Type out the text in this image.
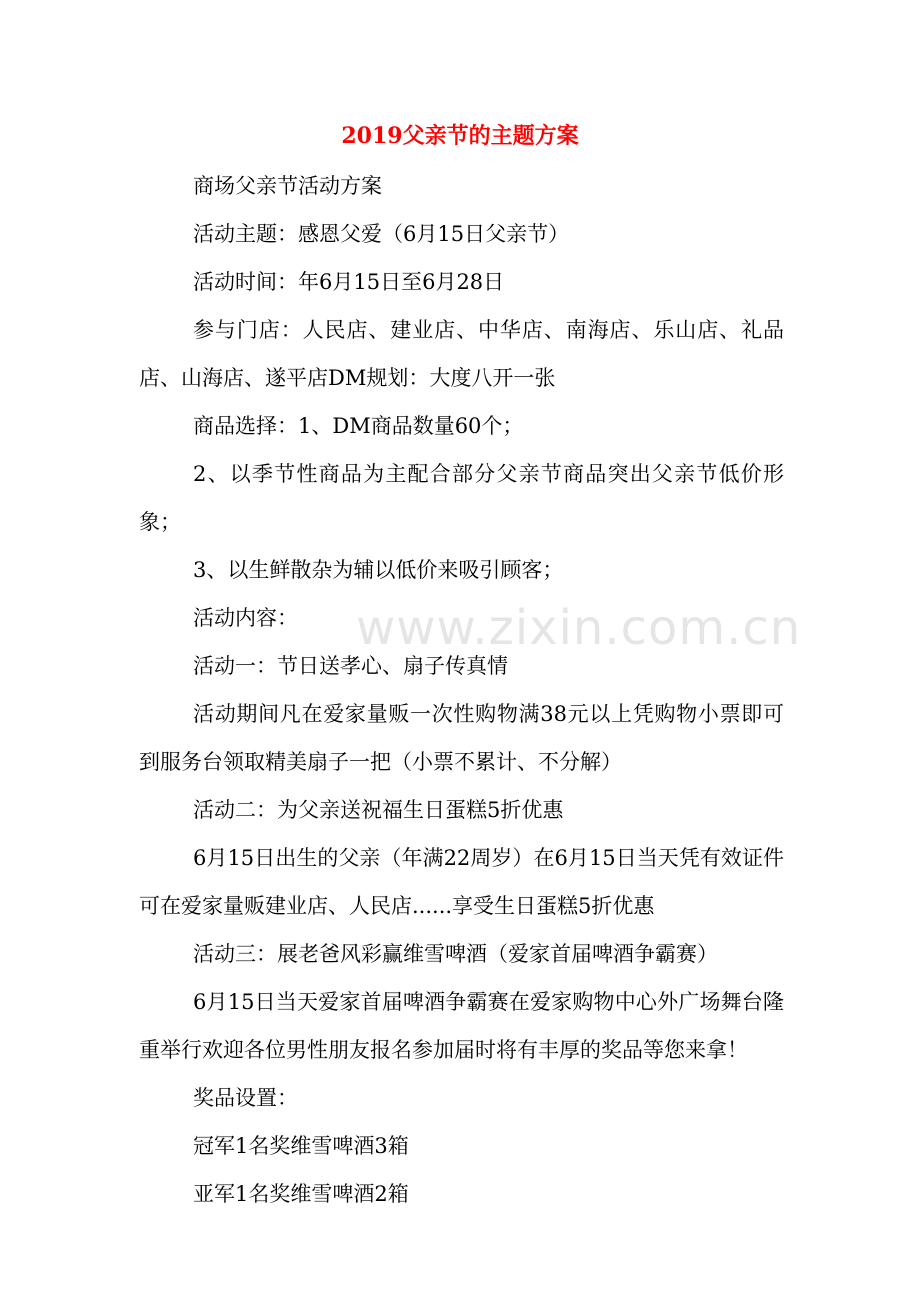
2019父亲节的主题方案

商场父亲节活动方案

活动主题：感恩父爱（6月15日父亲节）

活动时间：年6月15日至6月28日

参与门店：人民店、建业店、中华店、南海店、乐山店、礼品店、山海店、遂平店DM规划：大度八开一张

商品选择：1、DM商品数量60个；

2、以季节性商品为主配合部分父亲节商品突出父亲节低价形象；

3、以生鲜散杂为辅以低价来吸引顾客；

活动内容：

活动一：节日送孝心、扇子传真情

活动期间凡在爱家量贩一次性购物满38元以上凭购物小票即可到服务台领取精美扇子一把（小票不累计、不分解）

活动二：为父亲送祝福生日蛋糕5折优惠

6月15日出生的父亲（年满22周岁）在6月15日当天凭有效证件可在爱家量贩建业店、人民店......享受生日蛋糕5折优惠

活动三：展老爸风彩赢维雪啤酒（爱家首届啤酒争霸赛）

6月15日当天爱家首届啤酒争霸赛在爱家购物中心外广场舞台隆重举行欢迎各位男性朋友报名参加届时将有丰厚的奖品等您来拿！

奖品设置：

冠军1名奖维雪啤酒3箱

亚军1名奖维雪啤酒2箱

www.zixin.com.cn
